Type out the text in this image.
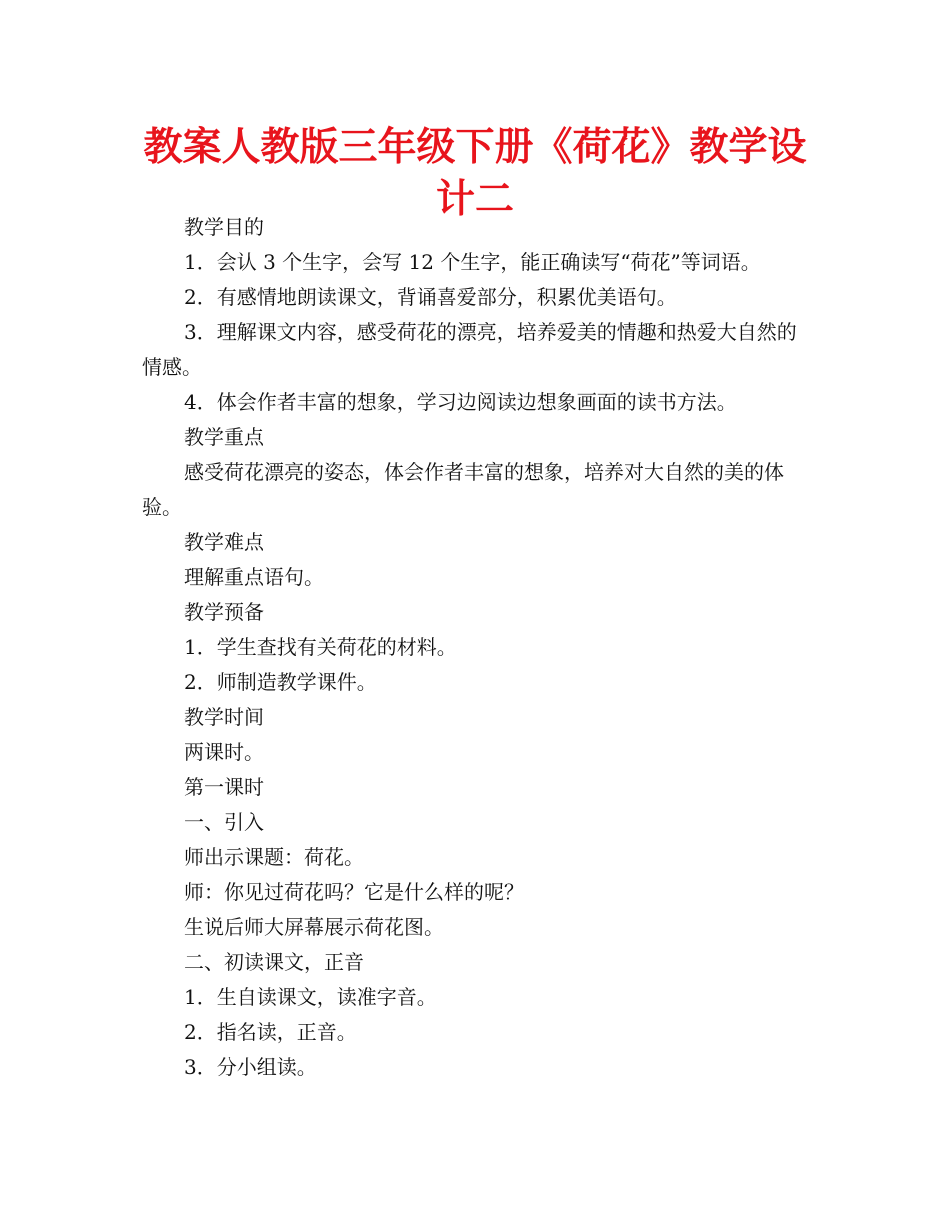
教案人教版三年级下册《荷花》教学设计二

教学目的

1．会认 3 个生字，会写 12 个生字，能正确读写“荷花”等词语。

2．有感情地朗读课文，背诵喜爱部分，积累优美语句。

3．理解课文内容，感受荷花的漂亮，培养爱美的情趣和热爱大自然的情感。

4．体会作者丰富的想象，学习边阅读边想象画面的读书方法。

教学重点

感受荷花漂亮的姿态，体会作者丰富的想象，培养对大自然的美的体验。

教学难点

理解重点语句。

教学预备

1．学生查找有关荷花的材料。

2．师制造教学课件。

教学时间

两课时。

第一课时

一、引入

师出示课题：荷花。

师：你见过荷花吗？它是什么样的呢？

生说后师大屏幕展示荷花图。

二、初读课文，正音

1．生自读课文，读准字音。

2．指名读，正音。

3．分小组读。
